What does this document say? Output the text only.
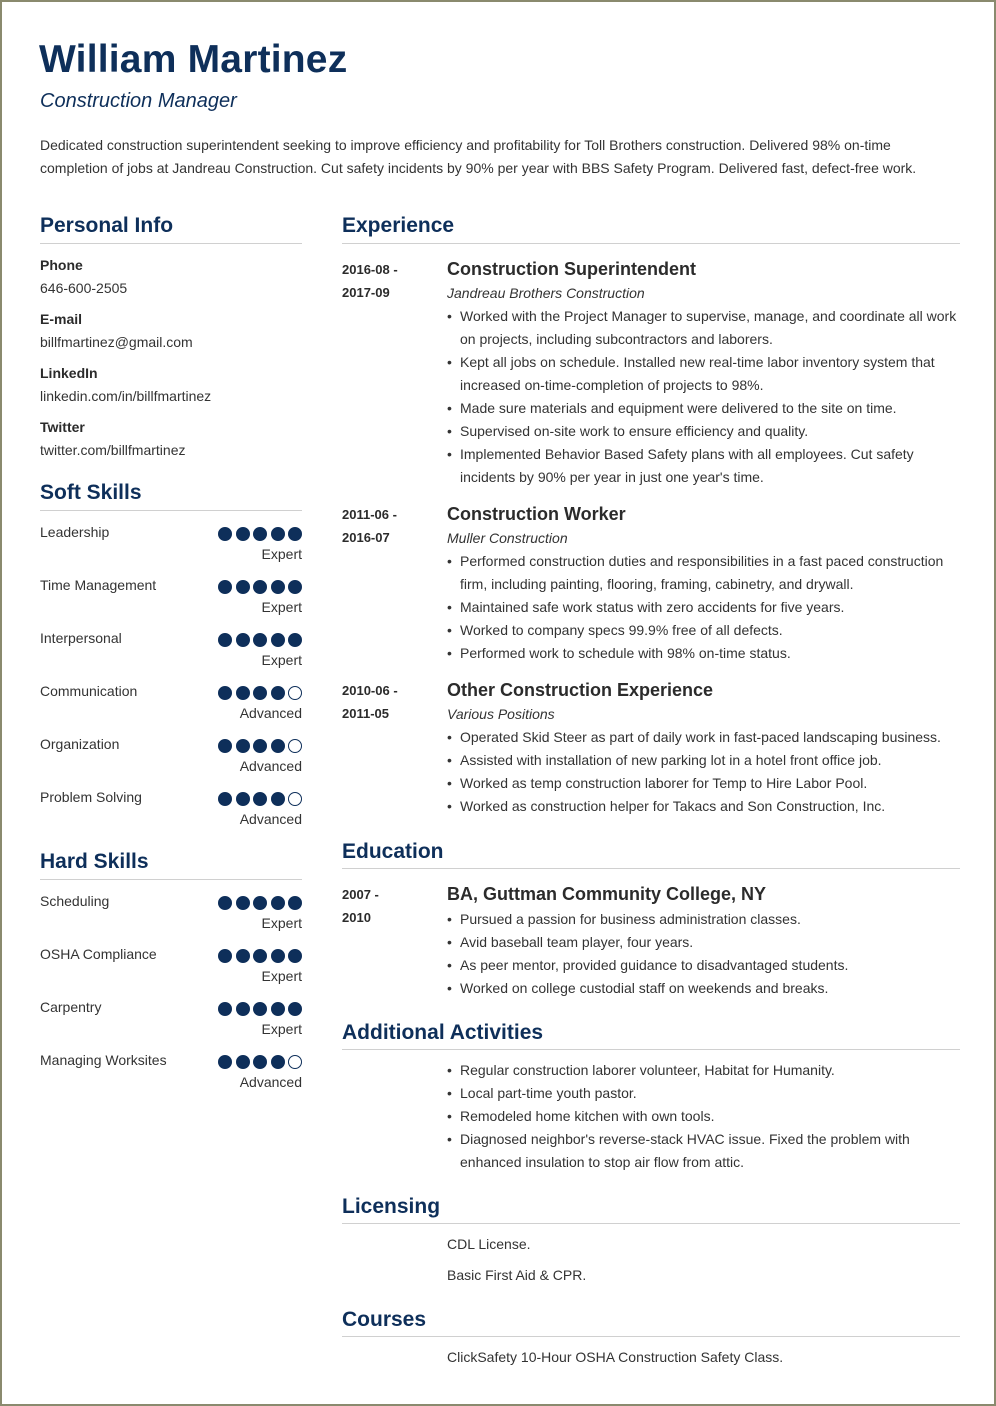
William Martinez
Construction Manager
Dedicated construction superintendent seeking to improve efficiency and profitability for Toll Brothers construction. Delivered 98% on-time completion of jobs at Jandreau Construction. Cut safety incidents by 90% per year with BBS Safety Program. Delivered fast, defect-free work.
Personal Info
Phone
646-600-2505
E-mail
billfmartinez@gmail.com
LinkedIn
linkedin.com/in/billfmartinez
Twitter
twitter.com/billfmartinez
Soft Skills
Leadership
Expert
Time Management
Expert
Interpersonal
Expert
Communication
Advanced
Organization
Advanced
Problem Solving
Advanced
Hard Skills
Scheduling
Expert
OSHA Compliance
Expert
Carpentry
Expert
Managing Worksites
Advanced
Experience
2016-08 -
2017-09
Construction Superintendent
Jandreau Brothers Construction
• Worked with the Project Manager to supervise, manage, and coordinate all work on projects, including subcontractors and laborers.
• Kept all jobs on schedule. Installed new real-time labor inventory system that increased on-time-completion of projects to 98%.
• Made sure materials and equipment were delivered to the site on time.
• Supervised on-site work to ensure efficiency and quality.
• Implemented Behavior Based Safety plans with all employees. Cut safety incidents by 90% per year in just one year's time.
2011-06 -
2016-07
Construction Worker
Muller Construction
• Performed construction duties and responsibilities in a fast paced construction firm, including painting, flooring, framing, cabinetry, and drywall.
• Maintained safe work status with zero accidents for five years.
• Worked to company specs 99.9% free of all defects.
• Performed work to schedule with 98% on-time status.
2010-06 -
2011-05
Other Construction Experience
Various Positions
• Operated Skid Steer as part of daily work in fast-paced landscaping business.
• Assisted with installation of new parking lot in a hotel front office job.
• Worked as temp construction laborer for Temp to Hire Labor Pool.
• Worked as construction helper for Takacs and Son Construction, Inc.
Education
2007 -
2010
BA, Guttman Community College, NY
• Pursued a passion for business administration classes.
• Avid baseball team player, four years.
• As peer mentor, provided guidance to disadvantaged students.
• Worked on college custodial staff on weekends and breaks.
Additional Activities
• Regular construction laborer volunteer, Habitat for Humanity.
• Local part-time youth pastor.
• Remodeled home kitchen with own tools.
• Diagnosed neighbor's reverse-stack HVAC issue. Fixed the problem with enhanced insulation to stop air flow from attic.
Licensing
CDL License.
Basic First Aid & CPR.
Courses
ClickSafety 10-Hour OSHA Construction Safety Class.
